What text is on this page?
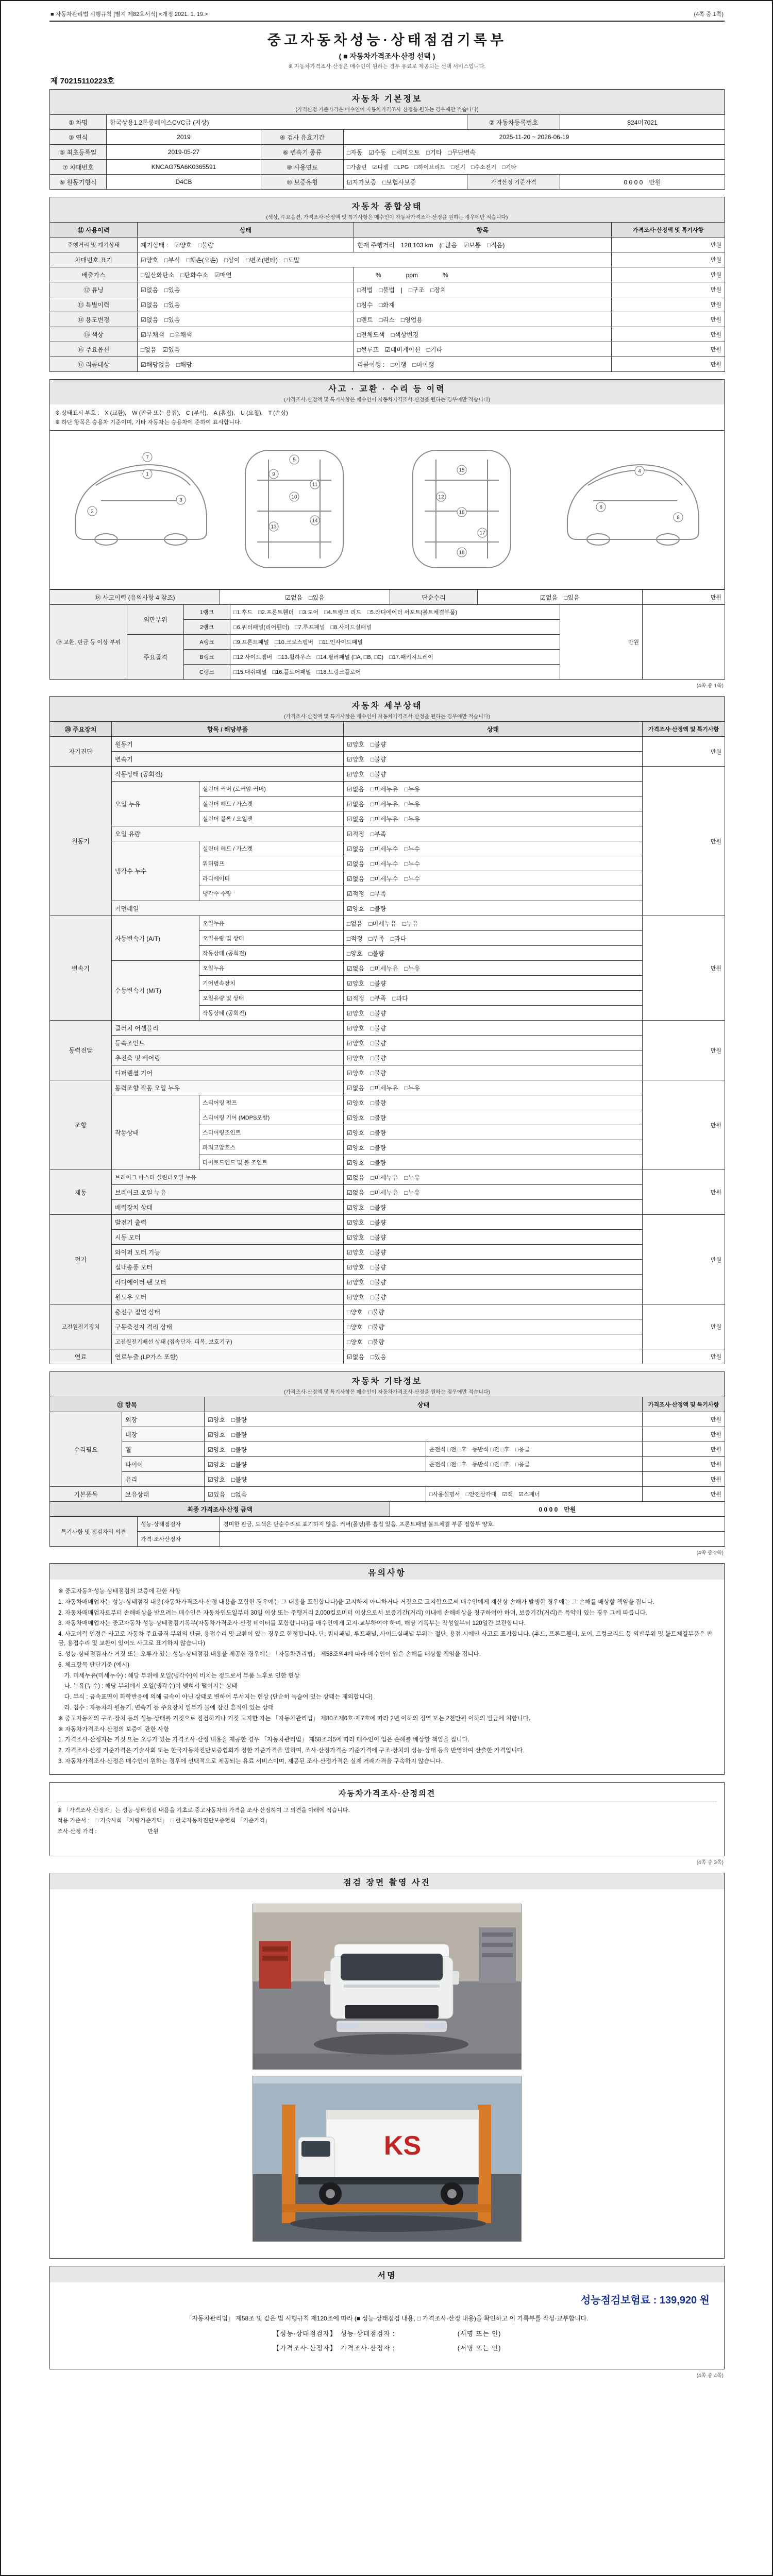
■ 자동차관리법 시행규칙 [별지 제82호서식] <개정 2021. 1. 19.>	(4쪽 중 1쪽)
중고자동차성능·상태점검기록부
( ■ 자동차가격조사·산정 선택 )
※ 자동차가격조사·산정은 매수인이 원하는 경우 유료로 제공되는 선택 서비스입니다.
제 70215110223호
자동차 기본정보
(가격산정 기준가격은 매수인이 자동차가격조사·산정을 원하는 경우에만 적습니다)
① 차명	한국상용1.2톤롱베이스CVC급 (저상)			② 자동차등록번호	824머7021
③ 연식	2019	④ 검사 유효기간	2025-11-20 ~ 2026-06-19		
⑤ 최초등록일	2019-05-27	⑥ 변속기 종류	□자동　☑수동　□세미오토　□기타　□무단변속		
⑦ 차대번호	KNCAG75A6K0365591	⑧ 사용연료	□가솔린　☑디젤　□LPG　□하이브리드　□전기　□수소전기　□기타		
⑨ 원동기형식	D4CB	⑩ 보증유형	☑자가보증　□보험사보증	가격산정 기준가격	0 0 0 0　만원
자동차 종합상태
(색상, 주요옵션, 가격조사·산정액 및 특기사항은 매수인이 자동차가격조사·산정을 원하는 경우에만 적습니다)
⑪ 사용이력	상태	항목	가격조사·산정액 및 특기사항
주행거리 및 계기상태	계기상태 :　☑양호　□불량	현재 주행거리　128,103 km　(□많음　☑보통　□적음)	만원
차대번호 표기	☑양호　□부식　□훼손(오손)　□상이　□변조(변타)　□도말		만원
배출가스	□일산화탄소　□탄화수소　☑매연	　　　%　　　　ppm　　　　%	만원
⑫ 튜닝	☑없음　□있음	□적법　□불법　|　□구조　□장치	만원
⑬ 특별이력	☑없음　□있음	□침수　□화재	만원
⑭ 용도변경	☑없음　□있음	□렌트　□리스　□영업용	만원
⑮ 색상	☑무채색　□유채색	□전체도색　□색상변경	만원
⑯ 주요옵션	□없음　☑있음	□썬루프　☑네비게이션　□기타	만원
⑰ 리콜대상	☑해당없음　□해당	리콜이행 :　□이행　□미이행	만원
사고 · 교환 · 수리 등 이력
(가격조사·산정액 및 특기사항은 매수인이 자동차가격조사·산정을 원하는 경우에만 적습니다)
※ 상태표시 부호 :　X (교환),　W (판금 또는 용접),　C (부식),　A (흠집),　U (요철),　T (손상)
※ 하단 항목은 승용차 기준이며, 기타 자동차는 승용차에 준하여 표시합니다.
7
1
2
3
5
9
11
10
13
14
15
12
16
17
18
4
6
8
⑱ 사고이력 (유의사항 4 참조)	☑없음　□있음	단순수리	☑없음　□있음	만원
⑲ 교환, 판금 등 이상 부위	외판부위	1랭크	□1.후드　□2.프론트휀더　□3.도어　□4.트렁크 리드　□5.라디에이터 서포트(볼트체결부품)	만원	
		2랭크	□6.쿼터패널(리어휀더)　□7.루프패널　□8.사이드실패널		
	주요골격	A랭크	□9.프론트패널　□10.크로스멤버　□11.인사이드패널		
		B랭크	□12.사이드멤버　□13.휠하우스　□14.필러패널 (□A, □B, □C)　□17.패키지트레이		
		C랭크	□15.대쉬패널　□16.플로어패널　□18.트렁크플로어		
(4쪽 중 1쪽)
자동차 세부상태
(가격조사·산정액 및 특기사항은 매수인이 자동차가격조사·산정을 원하는 경우에만 적습니다)
⑳ 주요장치	항목 / 해당부품		상태	가격조사·산정액 및 특기사항
자기진단	원동기		☑양호　□불량	만원
	변속기		☑양호　□불량	
원동기	작동상태 (공회전)		☑양호　□불량	만원
	오일 누유	실린더 커버 (로커암 커버)	☑없음　□미세누유　□누유	
		실린더 헤드 / 가스켓	☑없음　□미세누유　□누유	
		실린더 블록 / 오일팬	☑없음　□미세누유　□누유	
	오일 유량		☑적정　□부족	
	냉각수 누수	실린더 헤드 / 가스켓	☑없음　□미세누수　□누수	
		워터펌프	☑없음　□미세누수　□누수	
		라디에이터	☑없음　□미세누수　□누수	
		냉각수 수량	☑적정　□부족	
	커먼레일		☑양호　□불량	
변속기	자동변속기 (A/T)	오일누유	□없음　□미세누유　□누유	만원
		오일유량 및 상태	□적정　□부족　□과다	
		작동상태 (공회전)	□양호　□불량	
	수동변속기 (M/T)	오일누유	☑없음　□미세누유　□누유	
		기어변속장치	☑양호　□불량	
		오일유량 및 상태	☑적정　□부족　□과다	
		작동상태 (공회전)	☑양호　□불량	
동력전달	클러치 어셈블리		☑양호　□불량	만원
	등속조인트		☑양호　□불량	
	추진축 및 베어링		☑양호　□불량	
	디퍼렌셜 기어		☑양호　□불량	
조향	동력조향 작동 오일 누유		☑없음　□미세누유　□누유	만원
	작동상태	스티어링 펌프	☑양호　□불량	
		스티어링 기어 (MDPS포함)	☑양호　□불량	
		스티어링조인트	☑양호　□불량	
		파워고압호스	☑양호　□불량	
		타이로드엔드 및 볼 조인트	☑양호　□불량	
제동	브레이크 마스터 실린더오일 누유		☑없음　□미세누유　□누유	만원
	브레이크 오일 누유		☑없음　□미세누유　□누유	
	배력장치 상태		☑양호　□불량	
전기	발전기 출력		☑양호　□불량	만원
	시동 모터		☑양호　□불량	
	와이퍼 모터 기능		☑양호　□불량	
	실내송풍 모터		☑양호　□불량	
	라디에이터 팬 모터		☑양호　□불량	
	윈도우 모터		☑양호　□불량	
고전원전기장치	충전구 절연 상태		□양호　□불량	만원
	구동축전지 격리 상태		□양호　□불량	
	고전원전기배선 상태 (접속단자, 피복, 보호기구)		□양호　□불량	
연료	연료누출 (LP가스 포함)		☑없음　□있음	만원
자동차 기타정보
(가격조사·산정액 및 특기사항은 매수인이 자동차가격조사·산정을 원하는 경우에만 적습니다)
㉑ 항목		상태		가격조사·산정액 및 특기사항
수리필요	외장	☑양호　□불량		만원
	내장	☑양호　□불량		만원
	휠	☑양호　□불량	운전석 □전 □후　동반석 □전 □후　□응급	만원
	타이어	☑양호　□불량	운전석 □전 □후　동반석 □전 □후　□응급	만원
	유리	☑양호　□불량		만원
기본품목	보유상태	☑있음　□없음	□사용설명서　□안전삼각대　☑잭　☑스패너	만원
최종 가격조사·산정 금액	0 0 0 0　만원
특기사항 및 점검자의 의견	성능·상태점검자	경미한 판금, 도색은 단순수리로 표기하지 않음. 커버(몰딩)류 흠집 있음. 프론트패널 볼트체결 부품 접합부 양호.
	가격·조사산정자	
(4쪽 중 2쪽)
유의사항
※ 중고자동차성능·상태점검의 보증에 관한 사항
1. 자동차매매업자는 성능·상태점검 내용(자동차가격조사·산정 내용을 포함한 경우에는 그 내용을 포함합니다)을 고지하지 아니하거나 거짓으로 고지함으로써 매수인에게 재산상 손해가 발생한 경우에는 그 손해를 배상할 책임을 집니다.
2. 자동차매매업자로부터 손해배상을 받으려는 매수인은 자동차인도일부터 30일 이상 또는 주행거리 2,000킬로미터 이상으로서 보증기간(거리) 이내에 손해배상을 청구하여야 하며, 보증기간(거리)은 특약이 있는 경우 그에 따릅니다.
3. 자동차매매업자는 중고자동차 성능·상태점검기록부(자동차가격조사·산정 데이터를 포함합니다)를 매수인에게 고지·교부하여야 하며, 해당 기록부는 작성일부터 120일간 보관합니다.
4. 사고이력 인정은 사고로 자동차 주요골격 부위의 판금, 용접수리 및 교환이 있는 경우로 한정합니다. 단, 쿼터패널, 루프패널, 사이드실패널 부위는 절단, 용접 시에만 사고로 표기합니다. (후드, 프론트휀더, 도어, 트렁크리드 등 외판부위 및 볼트체결부품은 판금, 용접수리 및 교환이 있어도 사고로 표기하지 않습니다)
5. 성능·상태점검자가 거짓 또는 오류가 있는 성능·상태점검 내용을 제공한 경우에는 「자동차관리법」 제58조의4에 따라 매수인이 입은 손해를 배상할 책임을 집니다.
6. 체크항목 판단기준 (예시)
　가. 미세누유(미세누수) : 해당 부위에 오일(냉각수)이 비치는 정도로서 부품 노후로 인한 현상
　나. 누유(누수) : 해당 부위에서 오일(냉각수)이 맺혀서 떨어지는 상태
　다. 부식 : 금속표면이 화학반응에 의해 금속이 아닌 상태로 변하여 부서지는 현상 (단순히 녹슬어 있는 상태는 제외합니다)
　라. 침수 : 자동차의 원동기, 변속기 등 주요장치 일부가 물에 잠긴 흔적이 있는 상태
※ 중고자동차의 구조·장치 등의 성능·상태를 거짓으로 점검하거나 거짓 고지한 자는 「자동차관리법」 제80조제6호·제7호에 따라 2년 이하의 징역 또는 2천만원 이하의 벌금에 처합니다.
※ 자동차가격조사·산정의 보증에 관한 사항
1. 가격조사·산정자는 거짓 또는 오류가 있는 가격조사·산정 내용을 제공한 경우 「자동차관리법」 제58조의5에 따라 매수인이 입은 손해를 배상할 책임을 집니다.
2. 가격조사·산정 기준가격은 기술사회 또는 한국자동차진단보증협회가 정한 기준가격을 말하며, 조사·산정가격은 기준가격에 구조·장치의 성능·상태 등을 반영하여 산출한 가격입니다.
3. 자동차가격조사·산정은 매수인이 원하는 경우에 선택적으로 제공되는 유료 서비스이며, 제공된 조사·산정가격은 실제 거래가격을 구속하지 않습니다.
자동차가격조사·산정의견
※ 「가격조사·산정자」는 성능·상태점검 내용을 기초로 중고자동차의 가격을 조사·산정하여 그 의견을 아래에 적습니다.
적용 기준서 :　□ 기술사회 「차량기준가액」　□ 한국자동차진단보증협회 「기준가격」
조사·산정 가격 :　　　　　　　　　만원
(4쪽 중 3쪽)
점검 장면 촬영 사진
KS
서명
성능점검보험료 : 139,920 원
「자동차관리법」 제58조 및 같은 법 시행규칙 제120조에 따라 (■ 성능·상태점검 내용, □ 가격조사·산정 내용)을 확인하고 이 기록부를 작성·교부합니다.
【성능·상태점검자】　성능·상태점검자 :　　　　　　　　　(서명 또는 인)
【가격조사·산정자】　가격조사·산정자 :　　　　　　　　　(서명 또는 인)
(4쪽 중 4쪽)
